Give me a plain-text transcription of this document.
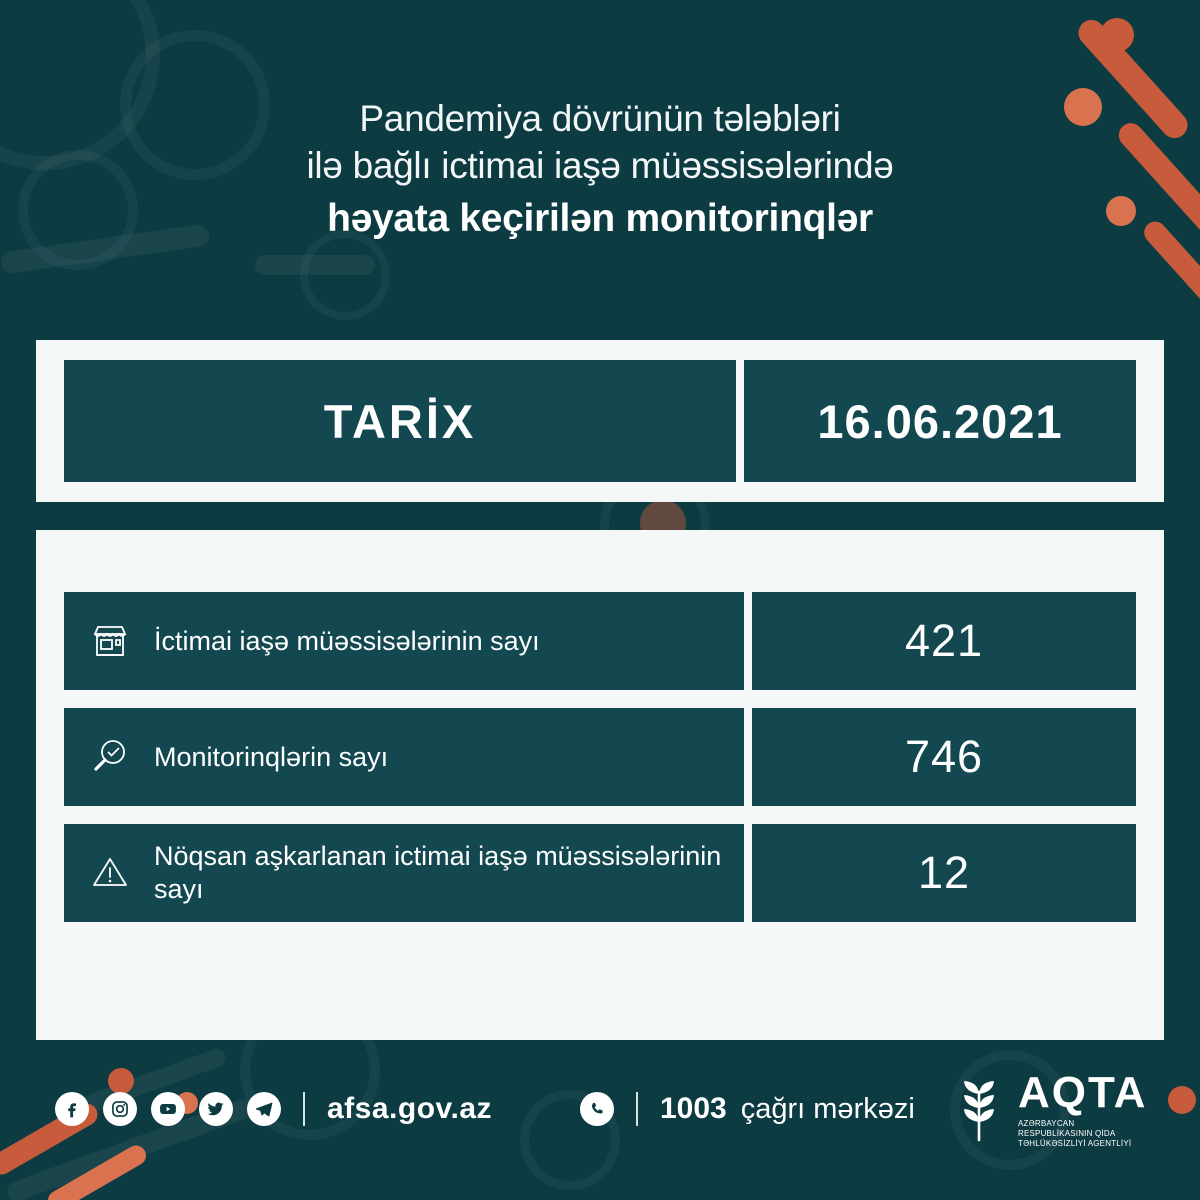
Pandemiya dövrünün tələbləri
ilə bağlı ictimai iaşə müəssisələrində
həyata keçirilən monitorinqlər
TARİX	16.06.2021
İctimai iaşə müəssisələrinin sayı	421
Monitorinqlərin sayı	746
Nöqsan aşkarlanan ictimai iaşə müəssisələrinin sayı	12
afsa.gov.az	1003 çağrı mərkəzi AQTA
AZƏRBAYCAN RESPUBLİKASININ QİDA TƏHLÜKƏSİZLİYİ AGENTLİYİ
